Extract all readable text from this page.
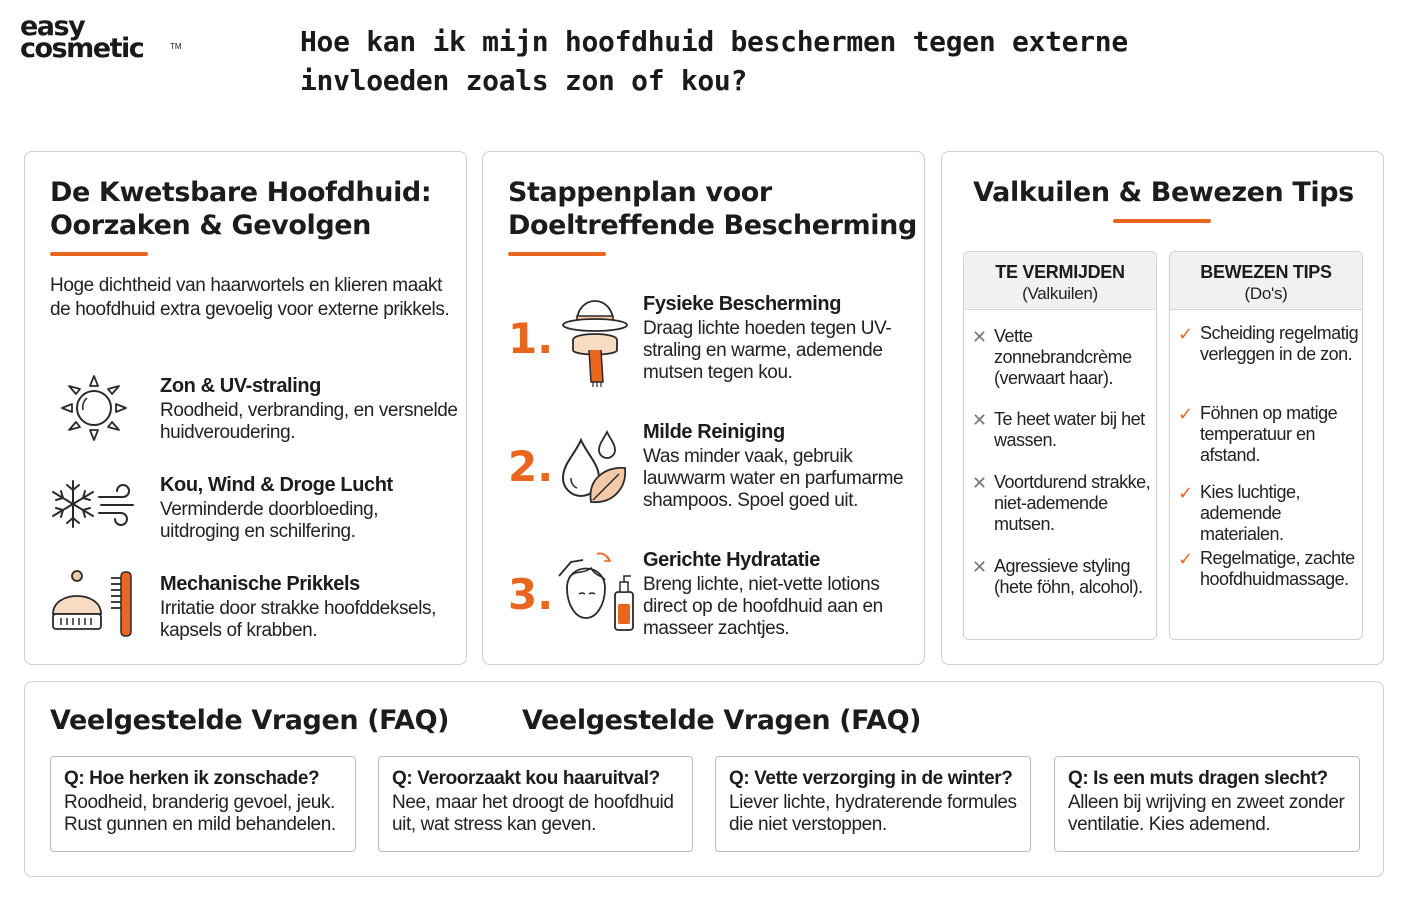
easy
cosmetic	TM	Hoe kan ik mijn hoofdhuid beschermen tegen externe invloeden zoals zon of kou?
De Kwetsbare Hoofdhuid:
Oorzaken & Gevolgen

Hoge dichtheid van haarwortels en klieren maakt de hoofdhuid extra gevoelig voor externe prikkels.

Zon & UV-straling
Roodheid, verbranding, en versnelde huidveroudering.
Kou, Wind & Droge Lucht
Verminderde doorbloeding, uitdroging en schilfering.
Mechanische Prikkels
Irritatie door strakke hoofddeksels, kapsels of krabben.
Stappenplan voor
Doeltreffende Bescherming
1.
Fysieke Bescherming
Draag lichte hoeden tegen UV-straling en warme, ademende mutsen tegen kou.
2.
Milde Reiniging
Was minder vaak, gebruik lauwwarm water en parfumarme shampoos. Spoel goed uit.
3.
Gerichte Hydratatie
Breng lichte, niet-vette lotions direct op de hoofdhuid aan en masseer zachtjes.
Valkuilen & Bewezen Tips
TE VERMIJDEN
(Valkuilen)
✕ Vette zonnebrandcrème (verwaart haar).
✕ Te heet water bij het wassen.
✕ Voortdurend strakke, niet-ademende mutsen.
✕ Agressieve styling (hete föhn, alcohol).
BEWEZEN TIPS
(Do's)
✓ Scheiding regelmatig verleggen in de zon.
✓ Föhnen op matige temperatuur en afstand.
✓ Kies luchtige, ademende materialen.
✓ Regelmatige, zachte hoofdhuidmassage.
Veelgestelde Vragen (FAQ)	Veelgestelde Vragen (FAQ)
Q: Hoe herken ik zonschade?
Roodheid, branderig gevoel, jeuk. Rust gunnen en mild behandelen.
Q: Veroorzaakt kou haaruitval?
Nee, maar het droogt de hoofdhuid uit, wat stress kan geven.
Q: Vette verzorging in de winter?
Liever lichte, hydraterende formules die niet verstoppen.
Q: Is een muts dragen slecht?
Alleen bij wrijving en zweet zonder ventilatie. Kies ademend.
